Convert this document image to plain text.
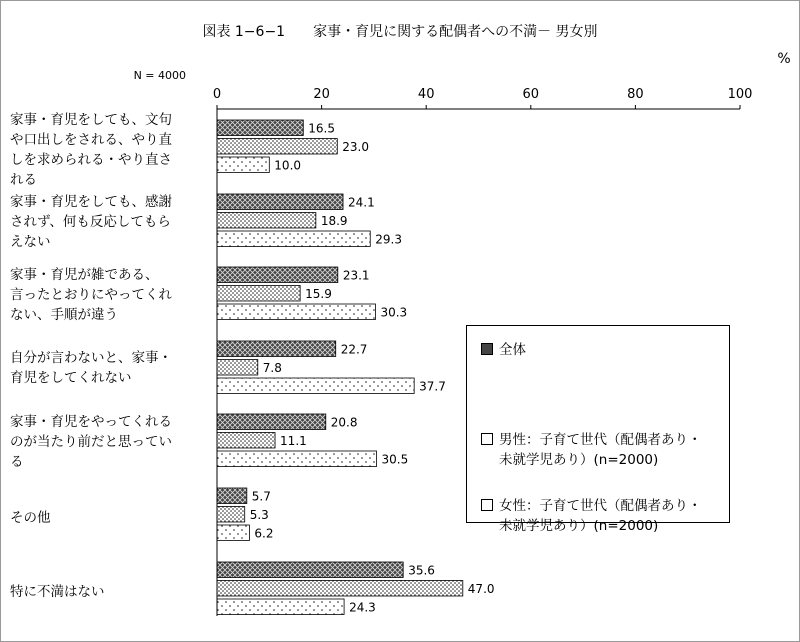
図表 1−6−1　　家事・育児に関する配偶者への不満－ 男女別
%
N = 4000
0	20	40	60	80	100
16.5
23.0
10.0
24.1
18.9
29.3
23.1
15.9
30.3
22.7
7.8
37.7
20.8
11.1
30.5
5.7
5.3
6.2
35.6
47.0
24.3
家事・育児をしても、文句
や口出しをされる、やり直
しを求められる・やり直さ
れる
家事・育児をしても、感謝
されず、何も反応してもら
えない
家事・育児が雑である、
言ったとおりにやってくれ
ない、手順が違う
自分が言わないと、家事・
育児をしてくれない
家事・育児をやってくれる
のが当たり前だと思ってい
る
その他
特に不満はない
全体

男性：子育て世代（配偶者あり・
未就学児あり）(n=2000)

女性：子育て世代（配偶者あり・
未就学児あり）(n=2000)
